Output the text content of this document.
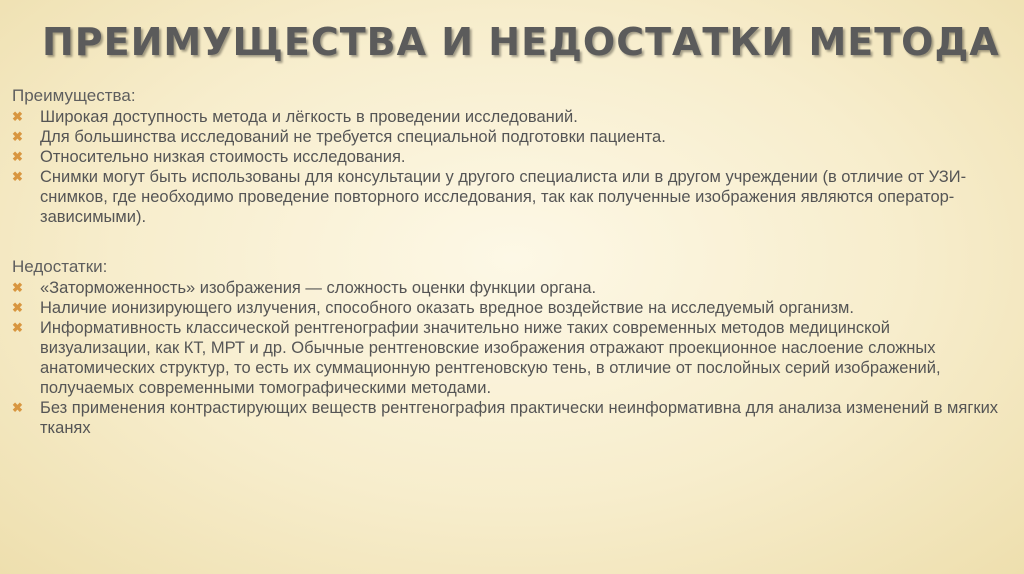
ПРЕИМУЩЕСТВА И НЕДОСТАТКИ МЕТОДА
Преимущества:
✖	Широкая доступность метода и лёгкость в проведении исследований.
✖	Для большинства исследований не требуется специальной подготовки пациента.
✖	Относительно низкая стоимость исследования.
✖	Снимки могут быть использованы для консультации у другого специалиста или в другом учреждении (в отличие от УЗИ-снимков, где необходимо проведение повторного исследования, так как полученные изображения являются оператор-зависимыми).
Недостатки:
✖	«Заторможенность» изображения — сложность оценки функции органа.
✖	Наличие ионизирующего излучения, способного оказать вредное воздействие на исследуемый организм.
✖	Информативность классической рентгенографии значительно ниже таких современных методов медицинской визуализации, как КТ, МРТ и др. Обычные рентгеновские изображения отражают проекционное наслоение сложных анатомических структур, то есть их суммационную рентгеновскую тень, в отличие от послойных серий изображений, получаемых современными томографическими методами.
✖	Без применения контрастирующих веществ рентгенография практически неинформативна для анализа изменений в мягких тканях
